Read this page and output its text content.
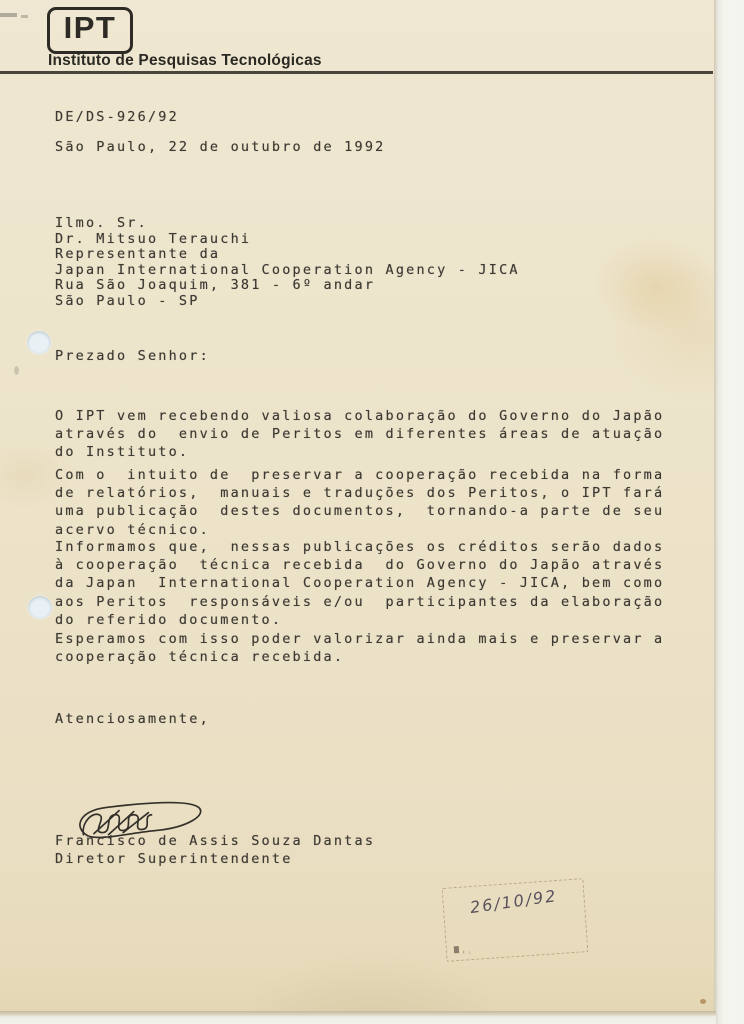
IPT
Instituto de Pesquisas Tecnológicas
DE/DS-926/92
São Paulo, 22 de outubro de 1992
Ilmo. Sr.
Dr. Mitsuo Terauchi
Representante da
Japan International Cooperation Agency - JICA
Rua São Joaquim, 381 - 6º andar
São Paulo - SP
Prezado Senhor:
O IPT vem recebendo valiosa colaboração do Governo do Japão
através do  envio de Peritos em diferentes áreas de atuação
do Instituto.
Com o  intuito de  preservar a cooperação recebida na forma
de relatórios,  manuais e traduções dos Peritos, o IPT fará
uma publicação  destes documentos,  tornando-a parte de seu
acervo técnico.
Informamos que,  nessas publicações os créditos serão dados
à cooperação  técnica recebida  do Governo do Japão através
da Japan  International Cooperation Agency - JICA, bem como
aos Peritos  responsáveis e/ou  participantes da elaboração
do referido documento.
Esperamos com isso poder valorizar ainda mais e preservar a
cooperação técnica recebida.
Atenciosamente,
Francisco de Assis Souza Dantas
Diretor Superintendente
26/10/92
